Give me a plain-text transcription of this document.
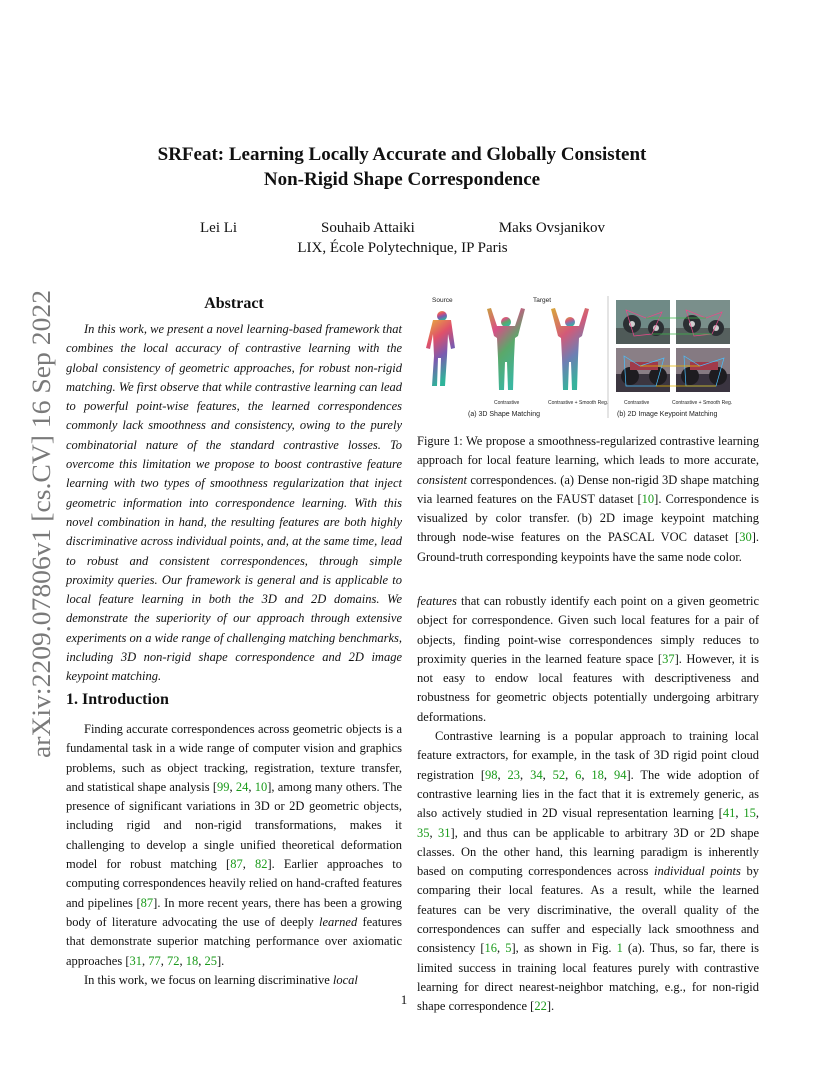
arXiv:2209.07806v1 [cs.CV] 16 Sep 2022
SRFeat: Learning Locally Accurate and Globally Consistent
Non-Rigid Shape Correspondence
Lei Li	Souhaib Attaiki	Maks Ovsjanikov
LIX, École Polytechnique, IP Paris
Abstract
In this work, we present a novel learning-based framework that combines the local accuracy of contrastive learning with the global consistency of geometric approaches, for robust non-rigid matching. We first observe that while contrastive learning can lead to powerful point-wise features, the learned correspondences commonly lack smoothness and consistency, owing to the purely combinatorial nature of the standard contrastive losses. To overcome this limitation we propose to boost contrastive feature learning with two types of smoothness regularization that inject geometric information into correspondence learning. With this novel combination in hand, the resulting features are both highly discriminative across individual points, and, at the same time, lead to robust and consistent correspondences, through simple proximity queries. Our framework is general and is applicable to local feature learning in both the 3D and 2D domains. We demonstrate the superiority of our approach through extensive experiments on a wide range of challenging matching benchmarks, including 3D non-rigid shape correspondence and 2D image keypoint matching.
1. Introduction

Finding accurate correspondences across geometric objects is a fundamental task in a wide range of computer vision and graphics problems, such as object tracking, registration, texture transfer, and statistical shape analysis [99, 24, 10], among many others. The presence of significant variations in 3D or 2D geometric objects, including rigid and non-rigid transformations, makes it challenging to develop a single unified theoretical deformation model for robust matching [87, 82]. Earlier approaches to computing correspondences heavily relied on hand-crafted features and pipelines [87]. In more recent years, there has been a growing body of literature advocating the use of deeply learned features that demonstrate superior matching performance over axiomatic approaches [31, 77, 72, 18, 25].

In this work, we focus on learning discriminative local

Source	Target
Contrastive	Contrastive + Smooth Reg.
(a) 3D Shape Matching
Contrastive	Contrastive + Smooth Reg.
(b) 2D Image Keypoint Matching
Figure 1: We propose a smoothness-regularized contrastive learning approach for local feature learning, which leads to more accurate, consistent correspondences. (a) Dense non-rigid 3D shape matching via learned features on the FAUST dataset [10]. Correspondence is visualized by color transfer. (b) 2D image keypoint matching through node-wise features on the PASCAL VOC dataset [30]. Ground-truth corresponding keypoints have the same node color.

features that can robustly identify each point on a given geometric object for correspondence. Given such local features for a pair of objects, finding point-wise correspondences simply reduces to proximity queries in the learned feature space [37]. However, it is not easy to endow local features with descriptiveness and robustness for geometric objects potentially undergoing arbitrary deformations.

Contrastive learning is a popular approach to training local feature extractors, for example, in the task of 3D rigid point cloud registration [98, 23, 34, 52, 6, 18, 94]. The wide adoption of contrastive learning lies in the fact that it is extremely generic, as also actively studied in 2D visual representation learning [41, 15, 35, 31], and thus can be applicable to arbitrary 3D or 2D shape classes. On the other hand, this learning paradigm is inherently based on computing correspondences across individual points by comparing their local features. As a result, while the learned features can be very discriminative, the overall quality of the correspondences can suffer and especially lack smoothness and consistency [16, 5], as shown in Fig. 1 (a). Thus, so far, there is limited success in training local features purely with contrastive learning for direct nearest-neighbor matching, e.g., for non-rigid shape correspondence [22].

1
